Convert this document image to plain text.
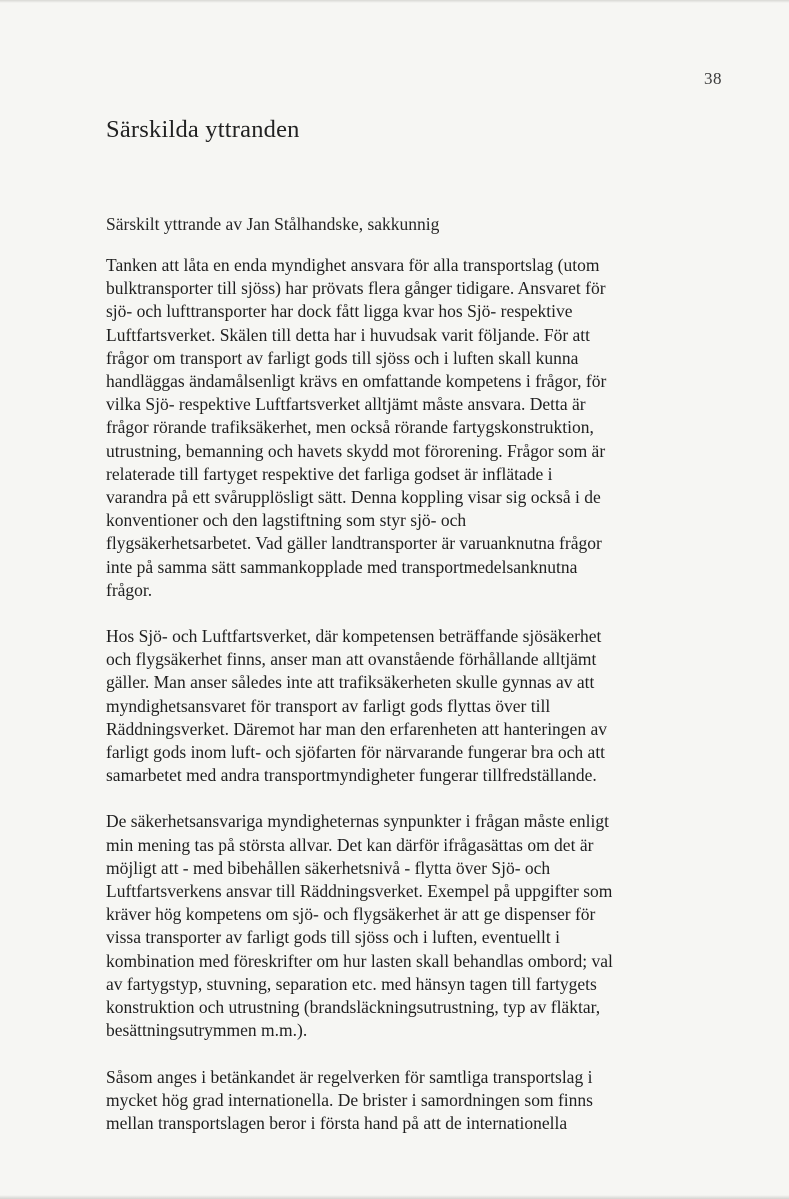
38
Särskilda yttranden
Särskilt yttrande av Jan Stålhandske, sakkunnig

Tanken att låta en enda myndighet ansvara för alla transportslag (utom
bulktransporter till sjöss) har prövats flera gånger tidigare. Ansvaret för
sjö- och lufttransporter har dock fått ligga kvar hos Sjö- respektive
Luftfartsverket. Skälen till detta har i huvudsak varit följande. För att
frågor om transport av farligt gods till sjöss och i luften skall kunna
handläggas ändamålsenligt krävs en omfattande kompetens i frågor, för
vilka Sjö- respektive Luftfartsverket alltjämt måste ansvara. Detta är
frågor rörande trafiksäkerhet, men också rörande fartygskonstruktion,
utrustning, bemanning och havets skydd mot förorening. Frågor som är
relaterade till fartyget respektive det farliga godset är inflätade i
varandra på ett svårupplösligt sätt. Denna koppling visar sig också i de
konventioner och den lagstiftning som styr sjö- och
flygsäkerhetsarbetet. Vad gäller landtransporter är varuanknutna frågor
inte på samma sätt sammankopplade med transportmedelsanknutna
frågor.

Hos Sjö- och Luftfartsverket, där kompetensen beträffande sjösäkerhet
och flygsäkerhet finns, anser man att ovanstående förhållande alltjämt
gäller. Man anser således inte att trafiksäkerheten skulle gynnas av att
myndighetsansvaret för transport av farligt gods flyttas över till
Räddningsverket. Däremot har man den erfarenheten att hanteringen av
farligt gods inom luft- och sjöfarten för närvarande fungerar bra och att
samarbetet med andra transportmyndigheter fungerar tillfredställande.

De säkerhetsansvariga myndigheternas synpunkter i frågan måste enligt
min mening tas på största allvar. Det kan därför ifrågasättas om det är
möjligt att - med bibehållen säkerhetsnivå - flytta över Sjö- och
Luftfartsverkens ansvar till Räddningsverket. Exempel på uppgifter som
kräver hög kompetens om sjö- och flygsäkerhet är att ge dispenser för
vissa transporter av farligt gods till sjöss och i luften, eventuellt i
kombination med föreskrifter om hur lasten skall behandlas ombord; val
av fartygstyp, stuvning, separation etc. med hänsyn tagen till fartygets
konstruktion och utrustning (brandsläckningsutrustning, typ av fläktar,
besättningsutrymmen m.m.).

Såsom anges i betänkandet är regelverken för samtliga transportslag i
mycket hög grad internationella. De brister i samordningen som finns
mellan transportslagen beror i första hand på att de internationella
